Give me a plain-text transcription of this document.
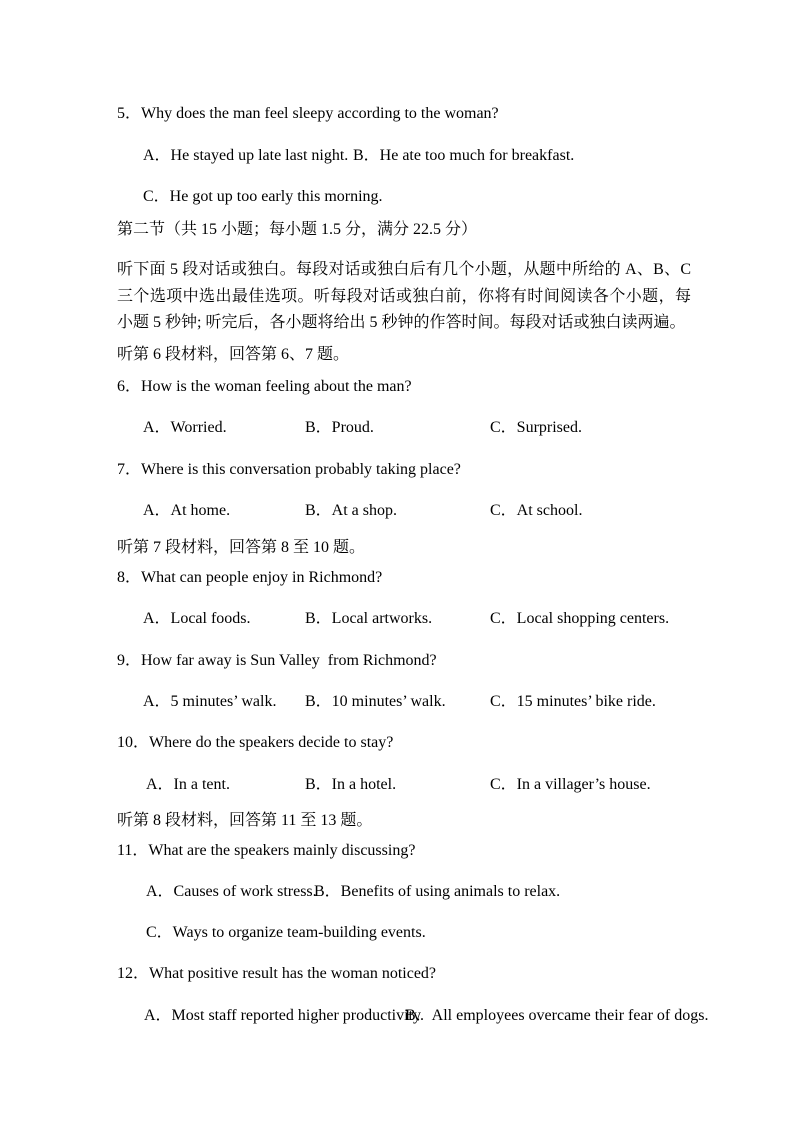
5．Why does the man feel sleepy according to the woman?
A．He stayed up late last night. B．He ate too much for breakfast.
C．He got up too early this morning.
第二节（共 15 小题；每小题 1.5 分，满分 22.5 分）
听下面 5 段对话或独白。每段对话或独白后有几个小题，从题中所给的 A、B、C 三个选项中选出最佳选项。听每段对话或独白前，你将有时间阅读各个小题，每小题 5 秒钟; 听完后，各小题将给出 5 秒钟的作答时间。每段对话或独白读两遍。
听第 6 段材料，回答第 6、7 题。
6．How is the woman feeling about the man?
A．Worried.	B．Proud.	C．Surprised.
7．Where is this conversation probably taking place?
A．At home.	B．At a shop.	C．At school.
听第 7 段材料，回答第 8 至 10 题。
8．What can people enjoy in Richmond?
A．Local foods.	B．Local artworks.	C．Local shopping centers.
9．How far away is Sun Valley  from Richmond?
A．5 minutes’ walk. B．10 minutes’ walk.	C．15 minutes’ bike ride.
10．Where do the speakers decide to stay?
A．In a tent.	B．In a hotel.	C．In a villager’s house.
听第 8 段材料，回答第 11 至 13 题。
11．What are the speakers mainly discussing?
A．Causes of work stress.
B．Benefits of using animals to relax.
C．Ways to organize team-building events.
12．What positive result has the woman noticed?
A．Most staff reported higher productivity.
B．All employees overcame their fear of dogs.
